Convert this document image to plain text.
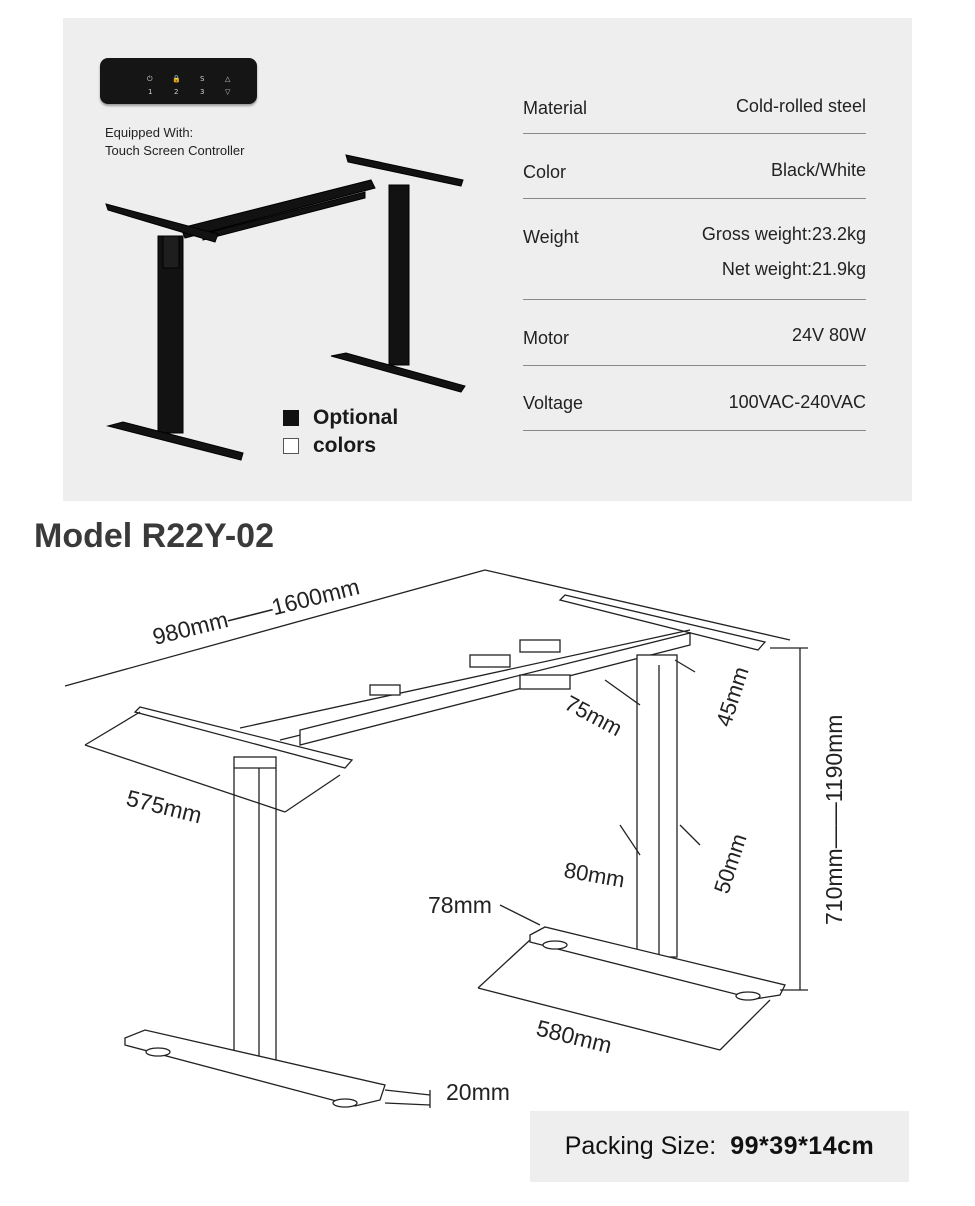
⏻	🔒	S	△
1	2	3	▽
Equipped With:
Touch Screen Controller
Optional
colors
Material	Cold-rolled steel
Color	Black/White
Weight	Gross weight:23.2kg
Net weight:21.9kg
Motor	24V 80W
Voltage	100VAC-240VAC
Model R22Y-02
980mm——1600mm
575mm
75mm	45mm
80mm	50mm	710mm——1190mm
78mm
580mm
20mm
Packing Size: 99*39*14cm
